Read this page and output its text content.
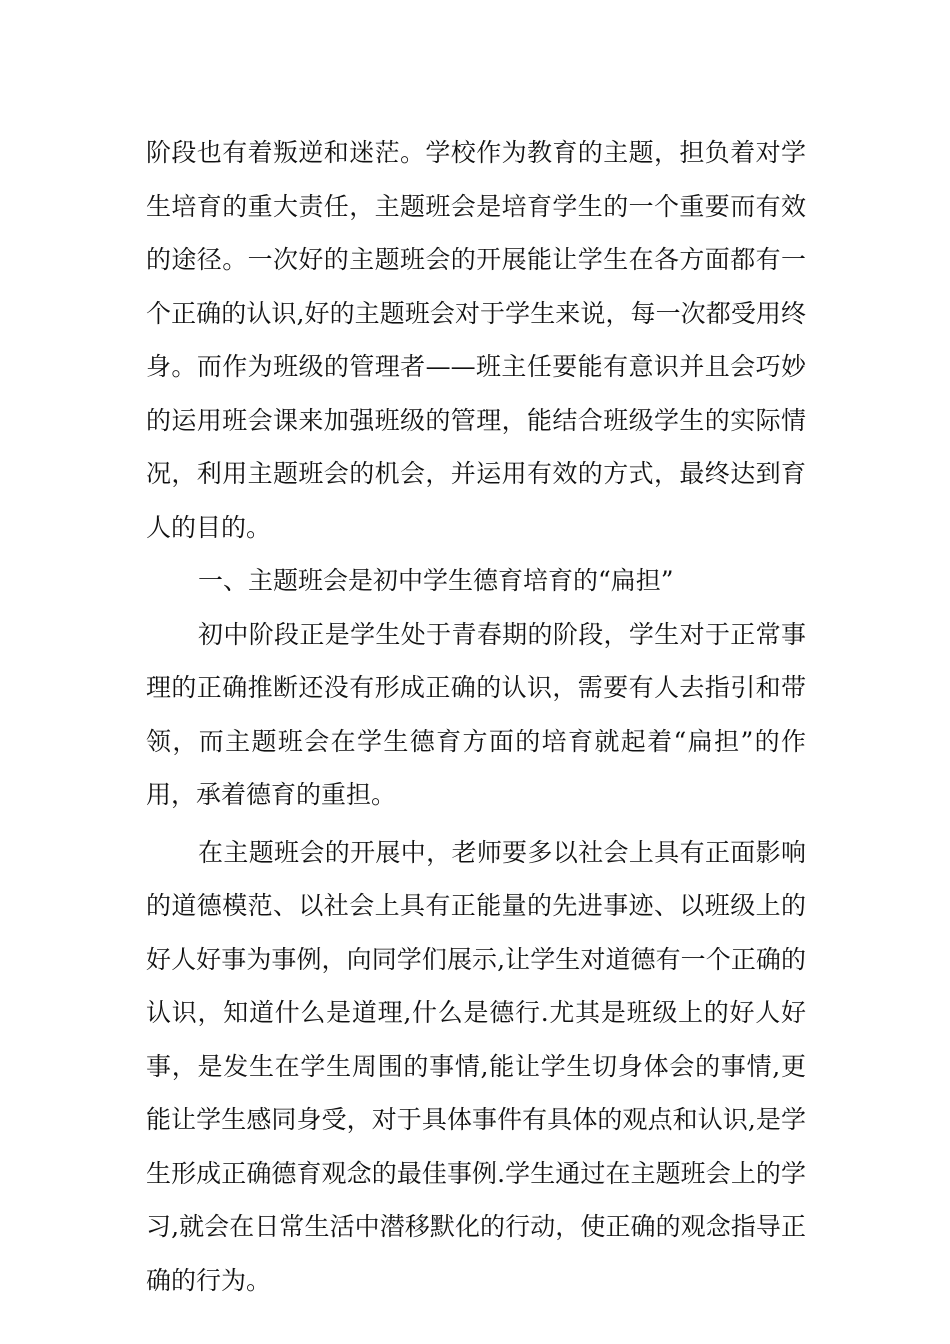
阶段也有着叛逆和迷茫。学校作为教育的主题，担负着对学生培育的重大责任，主题班会是培育学生的一个重要而有效的途径。一次好的主题班会的开展能让学生在各方面都有一个正确的认识,好的主题班会对于学生来说，每一次都受用终身。而作为班级的管理者——班主任要能有意识并且会巧妙的运用班会课来加强班级的管理，能结合班级学生的实际情况，利用主题班会的机会，并运用有效的方式，最终达到育人的目的。

一、主题班会是初中学生德育培育的“扁担”

初中阶段正是学生处于青春期的阶段，学生对于正常事理的正确推断还没有形成正确的认识，需要有人去指引和带领，而主题班会在学生德育方面的培育就起着“扁担”的作用，承着德育的重担。

在主题班会的开展中，老师要多以社会上具有正面影响的道德模范、以社会上具有正能量的先进事迹、以班级上的好人好事为事例，向同学们展示,让学生对道德有一个正确的认识，知道什么是道理,什么是德行.尤其是班级上的好人好事，是发生在学生周围的事情,能让学生切身体会的事情,更能让学生感同身受，对于具体事件有具体的观点和认识,是学生形成正确德育观念的最佳事例.学生通过在主题班会上的学习,就会在日常生活中潜移默化的行动，使正确的观念指导正确的行为。
